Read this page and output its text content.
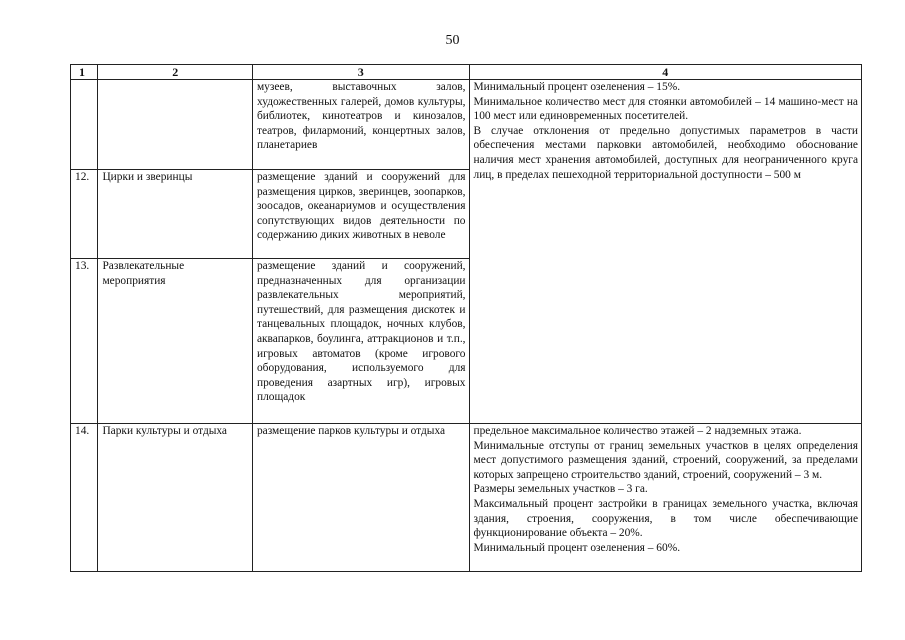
50
1	2	3	4
		музеев, выставочных залов, художественных галерей, домов культуры, библиотек, кинотеатров и кинозалов, театров, филармоний, концертных залов, планетариев	Минимальный процент озеленения – 15%.

Минимальное количество мест для стоянки автомобилей – 14 машино-мест на 100 мест или единовременных посетителей.

В случае отклонения от предельно допустимых параметров в части обеспечения местами парковки автомобилей, необходимо обоснование наличия мест хранения автомобилей, доступных для неограниченного круга лиц, в пределах пешеходной территориальной доступности – 500 м

12.	Цирки и зверинцы	размещение зданий и сооружений для размещения цирков, зверинцев, зоопарков, зоосадов, океанариумов и осуществления сопутствующих видов деятельности по содержанию диких животных в неволе	
13.	Развлекательные мероприятия	размещение зданий и сооружений, предназначенных для организации развлекательных мероприятий, путешествий, для размещения дискотек и танцевальных площадок, ночных клубов, аквапарков, боулинга, аттракционов и т.п., игровых автоматов (кроме игрового оборудования, используемого для проведения азартных игр), игровых площадок	
14.	Парки культуры и отдыха	размещение парков культуры и отдыха	предельное максимальное количество этажей – 2 надземных этажа.

Минимальные отступы от границ земельных участков в целях определения мест допустимого размещения зданий, строений, сооружений, за пределами которых запрещено строительство зданий, строений, сооружений – 3 м.

Размеры земельных участков – 3 га.

Максимальный процент застройки в границах земельного участка, включая здания, строения, сооружения, в том числе обеспечивающие функционирование объекта – 20%.

Минимальный процент озеленения – 60%.
